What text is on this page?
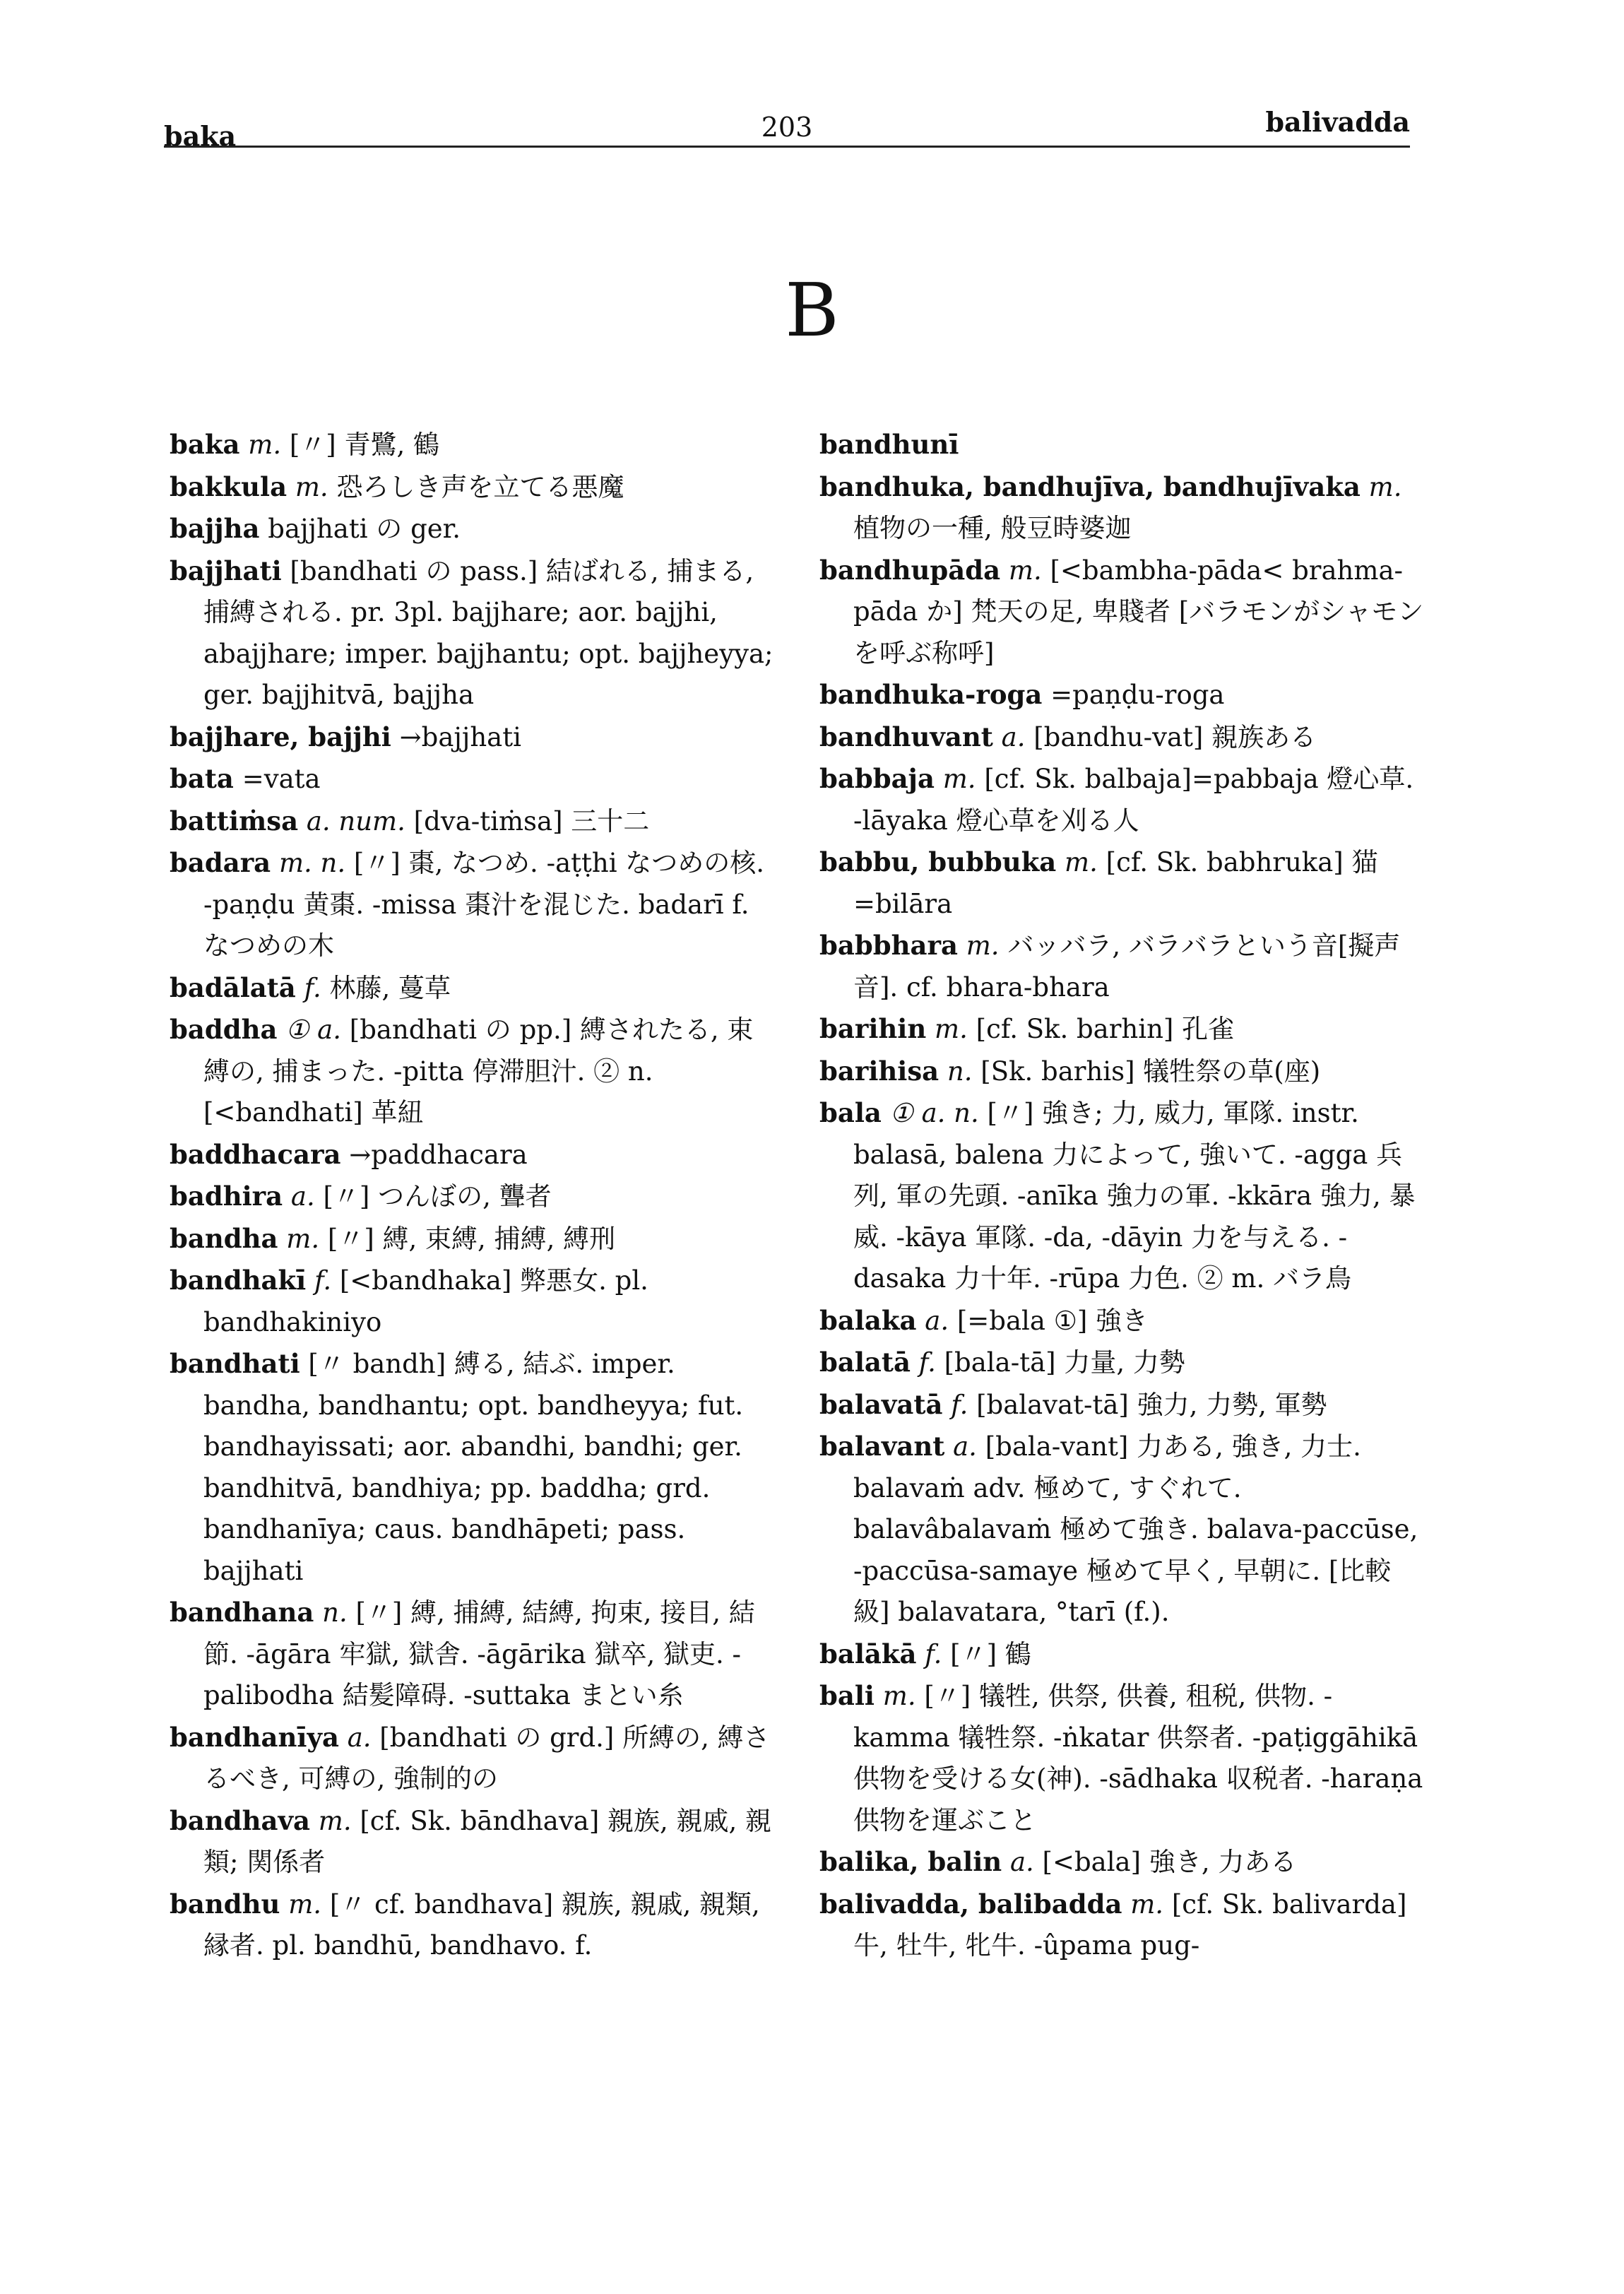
baka	203	balivadda
B

baka m. [〃] 青鷺, 鶴

bakkula m. 恐ろしき声を立てる悪魔

bajjha bajjhati の ger.

bajjhati [bandhati の pass.] 結ばれる, 捕まる, 捕縛される. pr. 3pl. bajjhare; aor. bajjhi, abajjhare; imper. bajjhantu; opt. bajjheyya; ger. bajjhitvā, bajjha

bajjhare, bajjhi →bajjhati

bata =vata

battiṁsa a. num. [dva-tiṁsa] 三十二

badara m. n. [〃] 棗, なつめ. -aṭṭhi なつめの核. -paṇḍu 黄棗. -missa 棗汁を混じた. badarī f. なつめの木

badālatā f. 林藤, 蔓草

baddha ① a. [bandhati の pp.] 縛されたる, 束縛の, 捕まった. -pitta 停滞胆汁. ② n. [<bandhati] 革紐

baddhacara →paddhacara

badhira a. [〃] つんぼの, 聾者

bandha m. [〃] 縛, 束縛, 捕縛, 縛刑

bandhakī f. [<bandhaka] 弊悪女. pl. bandhakiniyo

bandhati [〃 bandh] 縛る, 結ぶ. imper. bandha, bandhantu; opt. bandheyya; fut. bandhayissati; aor. abandhi, bandhi; ger. bandhitvā, bandhiya; pp. baddha; grd. bandhanīya; caus. bandhāpeti; pass. bajjhati

bandhana n. [〃] 縛, 捕縛, 結縛, 拘束, 接目, 結節. -āgāra 牢獄, 獄舎. -āgārika 獄卒, 獄吏. -palibodha 結髪障碍. -suttaka まとい糸

bandhanīya a. [bandhati の grd.] 所縛の, 縛さるべき, 可縛の, 強制的の

bandhava m. [cf. Sk. bāndhava] 親族, 親戚, 親類; 関係者

bandhu m. [〃 cf. bandhava] 親族, 親戚, 親類, 縁者. pl. bandhū, bandhavo. f.

bandhunī

bandhuka, bandhujīva, bandhujīvaka m. 植物の一種, 般豆時婆迦

bandhupāda m. [<bambha-pāda< brahma-pāda か] 梵天の足, 卑賤者 [バラモンがシャモンを呼ぶ称呼]

bandhuka-roga =paṇḍu-roga

bandhuvant a. [bandhu-vat] 親族ある

babbaja m. [cf. Sk. balbaja]=pabbaja 燈心草. -lāyaka 燈心草を刈る人

babbu, bubbuka m. [cf. Sk. babhruka] 猫=bilāra

babbhara m. バッバラ, バラバラという音[擬声音]. cf. bhara-bhara

barihin m. [cf. Sk. barhin] 孔雀

barihisa n. [Sk. barhis] 犠牲祭の草(座)

bala ① a. n. [〃] 強き; 力, 威力, 軍隊. instr. balasā, balena 力によって, 強いて. -agga 兵列, 軍の先頭. -anīka 強力の軍. -kkāra 強力, 暴威. -kāya 軍隊. -da, -dāyin 力を与える. -dasaka 力十年. -rūpa 力色. ② m. バラ鳥

balaka a. [=bala ①] 強き

balatā f. [bala-tā] 力量, 力勢

balavatā f. [balavat-tā] 強力, 力勢, 軍勢

balavant a. [bala-vant] 力ある, 強き, 力士. balavaṁ adv. 極めて, すぐれて. balavâbalavaṁ 極めて強き. balava-paccūse, -paccūsa-samaye 極めて早く, 早朝に. [比較級] balavatara, °tarī (f.).

balākā f. [〃] 鶴

bali m. [〃] 犠牲, 供祭, 供養, 租税, 供物. -kamma 犠牲祭. -ṅkatar 供祭者. -paṭiggāhikā 供物を受ける女(神). -sādhaka 収税者. -haraṇa 供物を運ぶこと

balika, balin a. [<bala] 強き, 力ある

balivadda, balibadda m. [cf. Sk. balivarda] 牛, 牡牛, 牝牛. -ûpama pug-
